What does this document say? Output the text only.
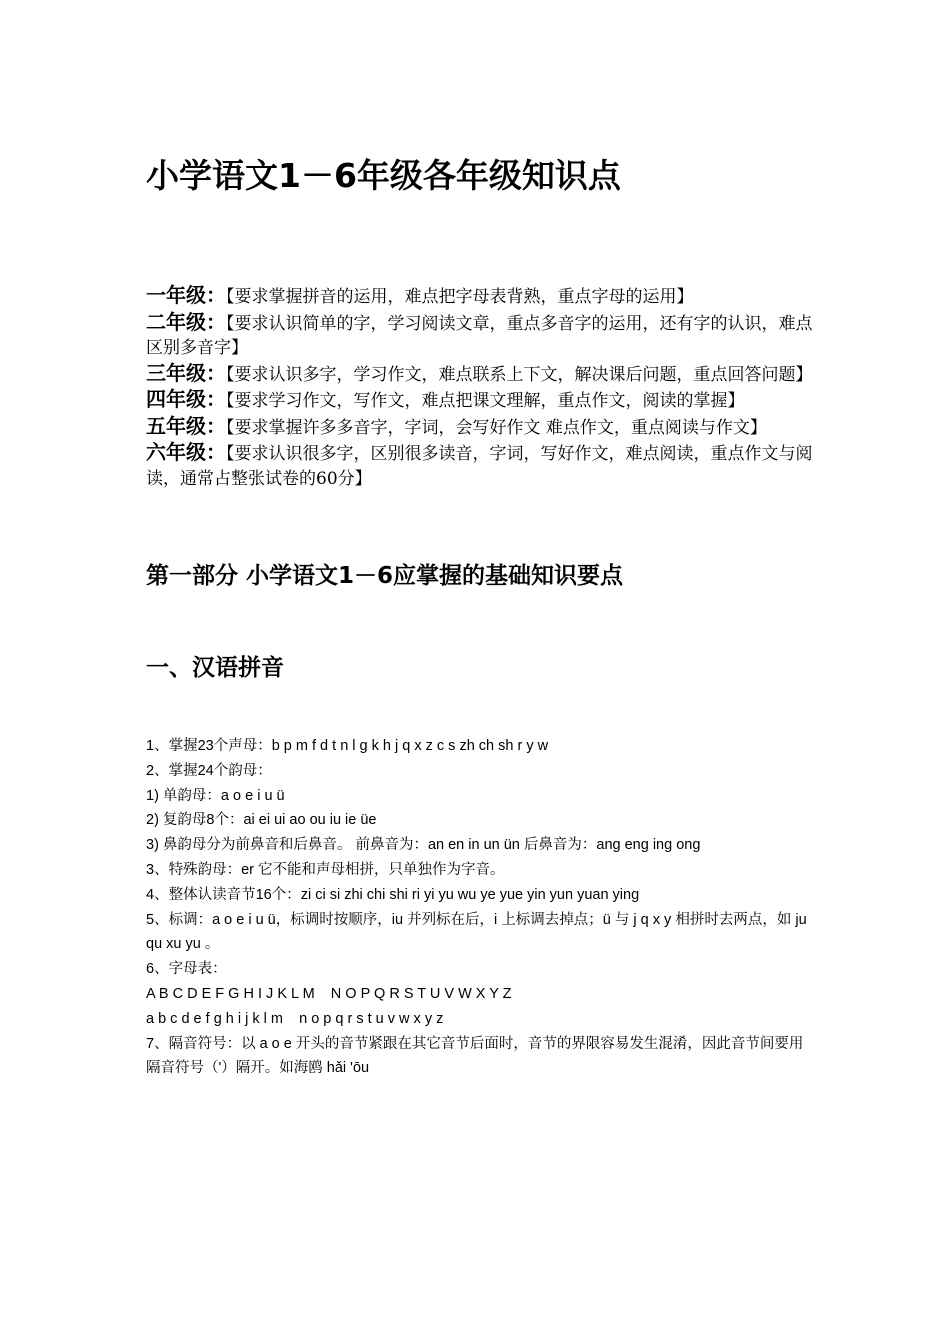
小学语文1－6年级各年级知识点
一年级：【要求掌握拼音的运用，难点把字母表背熟，重点字母的运用】
二年级：【要求认识简单的字，学习阅读文章，重点多音字的运用，还有字的认识，难点区别多音字】
三年级：【要求认识多字，学习作文，难点联系上下文，解决课后问题，重点回答问题】
四年级：【要求学习作文，写作文，难点把课文理解，重点作文，阅读的掌握】
五年级：【要求掌握许多多音字，字词，会写好作文 难点作文，重点阅读与作文】
六年级：【要求认识很多字，区别很多读音，字词，写好作文，难点阅读，重点作文与阅读，通常占整张试卷的60分】
第一部分 小学语文1－6应掌握的基础知识要点
一、汉语拼音
1、掌握23个声母：b p m f d t n l g k h j q x z c s zh ch sh r y w
2、掌握24个韵母：
1) 单韵母：a o e i u ü
2) 复韵母8个：ai ei ui ao ou iu ie üe
3) 鼻韵母分为前鼻音和后鼻音。 前鼻音为：an en in un ün 后鼻音为：ang eng ing ong
3、特殊韵母：er 它不能和声母相拼，只单独作为字音。
4、整体认读音节16个：zi ci si zhi chi shi ri yi yu wu ye yue yin yun yuan ying
5、标调：a o e i u ü，标调时按顺序，iu 并列标在后，i 上标调去掉点；ü 与 j q x y 相拼时去两点，如 ju qu xu yu 。
6、字母表：
A B C D E F G H I J K L M    N O P Q R S T U V W X Y Z
a b c d e f g h i j k l m    n o p q r s t u v w x y z
7、隔音符号：以 a o e 开头的音节紧跟在其它音节后面时，音节的界限容易发生混淆，因此音节间要用隔音符号（'）隔开。如海鸥 hǎi 'ōu
